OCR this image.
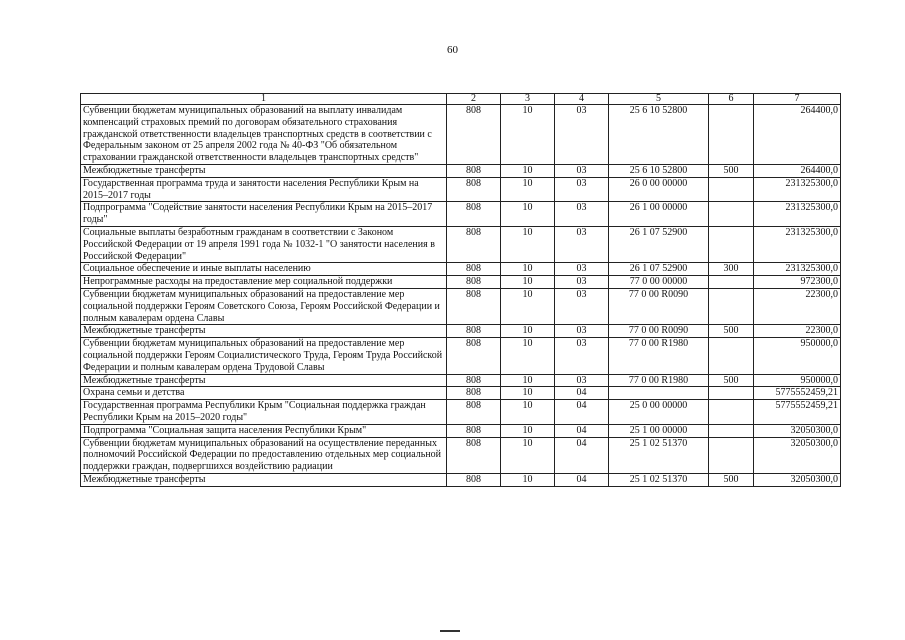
60
1	2	3	4	5	6	7
Субвенции бюджетам муниципальных образований на выплату инвалидам компенсаций страховых премий по договорам обязательного страхования гражданской ответственности владельцев транспортных средств в соответствии с Федеральным законом от 25 апреля 2002 года № 40-ФЗ "Об обязательном страховании гражданской ответственности владельцев транспортных средств"	808	10	03	25 6 10 52800		264400,0
Межбюджетные трансферты	808	10	03	25 6 10 52800	500	264400,0
Государственная программа труда и занятости населения Республики Крым на 2015–2017 годы	808	10	03	26 0 00 00000		231325300,0
Подпрограмма "Содействие занятости населения Республики Крым на 2015–2017 годы"	808	10	03	26 1 00 00000		231325300,0
Социальные выплаты безработным гражданам в соответствии с Законом Российской Федерации от 19 апреля 1991 года № 1032-1 "О занятости населения в Российской Федерации"	808	10	03	26 1 07 52900		231325300,0
Социальное обеспечение и иные выплаты населению	808	10	03	26 1 07 52900	300	231325300,0
Непрограммные расходы на предоставление мер социальной поддержки	808	10	03	77 0 00 00000		972300,0
Субвенции бюджетам муниципальных образований на предоставление мер социальной поддержки Героям Советского Союза, Героям Российской Федерации и полным кавалерам ордена Славы	808	10	03	77 0 00 R0090		22300,0
Межбюджетные трансферты	808	10	03	77 0 00 R0090	500	22300,0
Субвенции бюджетам муниципальных образований на предоставление мер социальной поддержки Героям Социалистического Труда, Героям Труда Российской Федерации и полным кавалерам ордена Трудовой Славы	808	10	03	77 0 00 R1980		950000,0
Межбюджетные трансферты	808	10	03	77 0 00 R1980	500	950000,0
Охрана семьи и детства	808	10	04			5775552459,21
Государственная программа Республики Крым "Социальная поддержка граждан Республики Крым на 2015–2020 годы"	808	10	04	25 0 00 00000		5775552459,21
Подпрограмма "Социальная защита населения Республики Крым"	808	10	04	25 1 00 00000		32050300,0
Субвенции бюджетам муниципальных образований на осуществление переданных полномочий Российской Федерации по предоставлению отдельных мер социальной поддержки граждан, подвергшихся воздействию радиации	808	10	04	25 1 02 51370		32050300,0
Межбюджетные трансферты	808	10	04	25 1 02 51370	500	32050300,0
